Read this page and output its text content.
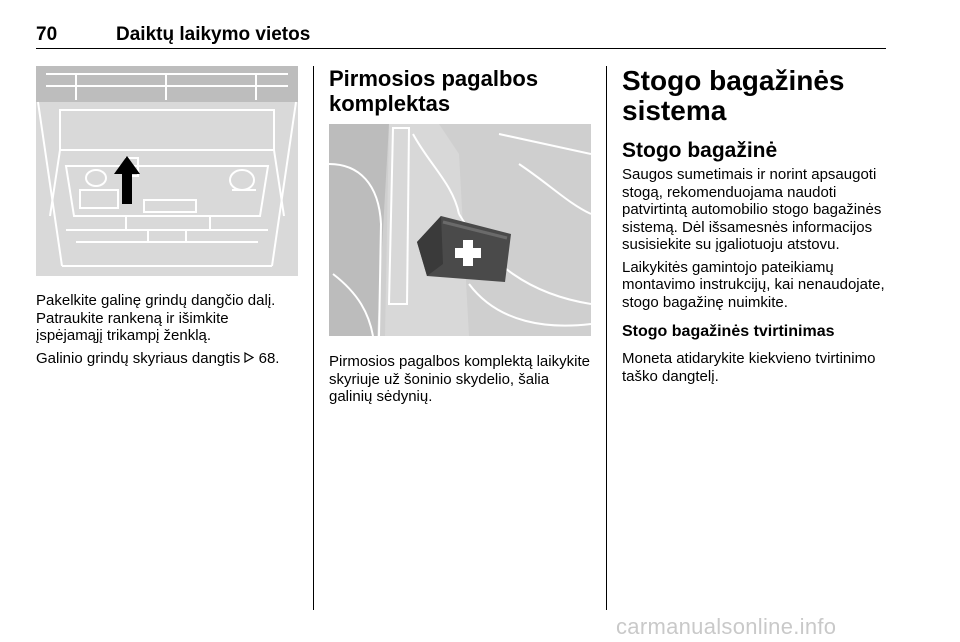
70	Daiktų laikymo vietos

Pakelkite galinę grindų dangčio dalį. Patraukite rankeną ir išimkite įspėjamąjį trikampį ženklą.

Galinio grindų skyriaus dangtis 68.

Pirmosios pagalbos komplektas

Pirmosios pagalbos komplektą laikykite skyriuje už šoninio skydelio, šalia galinių sėdynių.

Stogo bagažinės sistema
Stogo bagažinė

Saugos sumetimais ir norint apsaugoti stogą, rekomenduojama naudoti patvirtintą automobilio stogo bagažinės sistemą. Dėl išsamesnės informacijos susisiekite su įgaliotuoju atstovu.

Laikykitės gamintojo pateikiamų montavimo instrukcijų, kai nenaudojate, stogo bagažinę nuimkite.

Stogo bagažinės tvirtinimas

Moneta atidarykite kiekvieno tvirtinimo taško dangtelį.

carmanualsonline.info
